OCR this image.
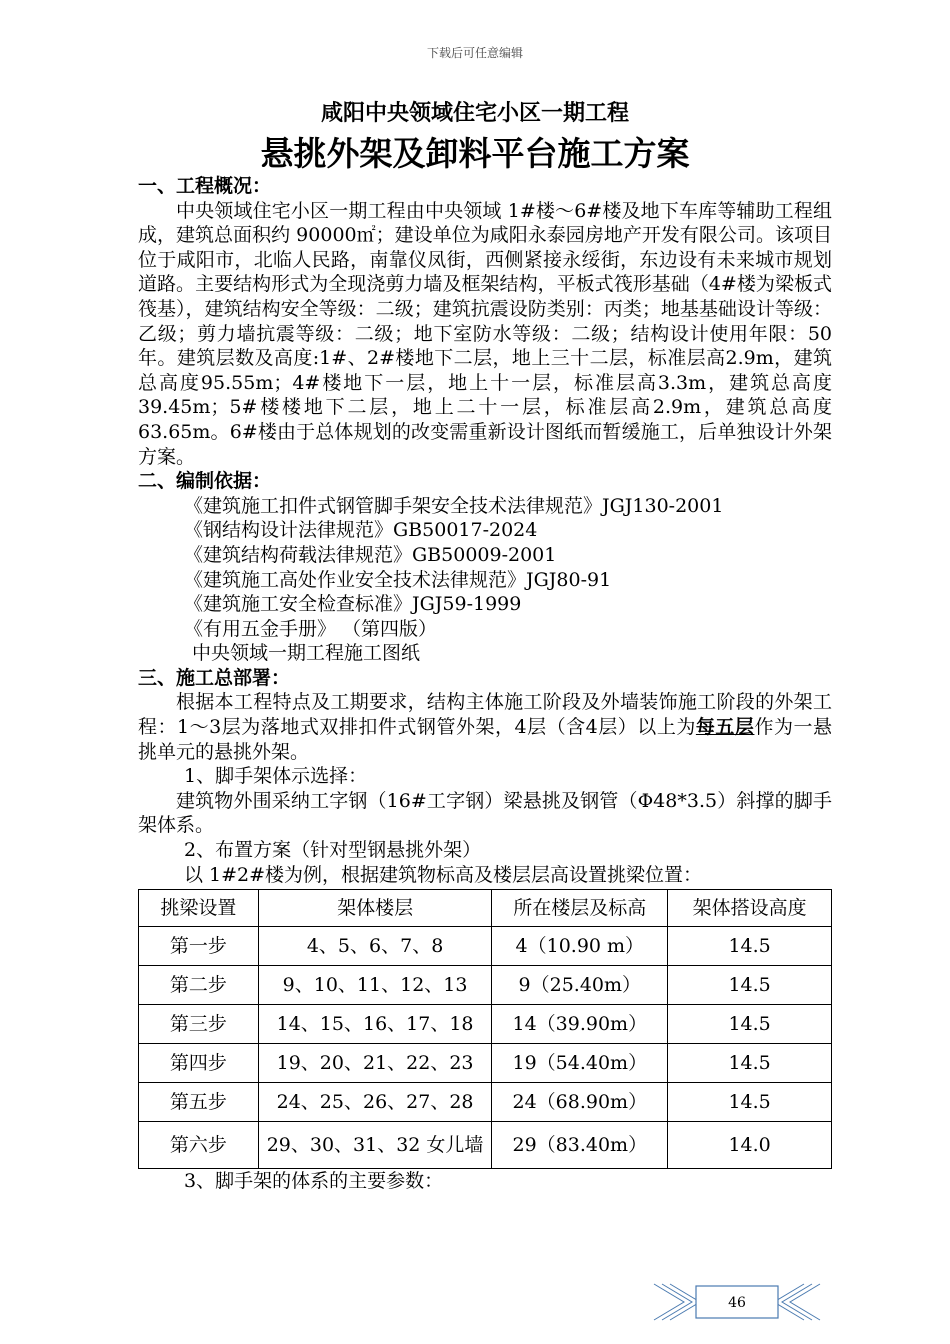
下载后可任意编辑
咸阳中央领域住宅小区一期工程
悬挑外架及卸料平台施工方案

一、工程概况：

中央领域住宅小区一期工程由中央领域 1#楼～6#楼及地下车库等辅助工程组成，建筑总面积约 90000㎡；建设单位为咸阳永泰园房地产开发有限公司。该项目位于咸阳市，北临人民路，南靠仪凤街，西侧紧接永绥街，东边设有未来城市规划道路。主要结构形式为全现浇剪力墙及框架结构，平板式筏形基础（4#楼为梁板式筏基），建筑结构安全等级：二级；建筑抗震设防类别：丙类；地基基础设计等级：乙级；剪力墙抗震等级：二级；地下室防水等级：二级；结构设计使用年限：50年。建筑层数及高度:1#、2#楼地下二层，地上三十二层，标准层高2.9m，建筑总高度95.55m；4#楼地下一层，地上十一层，标准层高3.3m，建筑总高度39.45m；5#楼楼地下二层，地上二十一层，标准层高2.9m，建筑总高度63.65m。6#楼由于总体规划的改变需重新设计图纸而暂缓施工，后单独设计外架方案。

二、编制依据：

《建筑施工扣件式钢管脚手架安全技术法律规范》JGJ130-2001

《钢结构设计法律规范》GB50017-2024

《建筑结构荷载法律规范》GB50009-2001

《建筑施工高处作业安全技术法律规范》JGJ80-91

《建筑施工安全检查标准》JGJ59-1999

《有用五金手册》 （第四版）

中央领域一期工程施工图纸

三、施工总部署：

根据本工程特点及工期要求，结构主体施工阶段及外墙装饰施工阶段的外架工程：1～3层为落地式双排扣件式钢管外架，4层（含4层）以上为每五层作为一悬挑单元的悬挑外架。

1、脚手架体示选择：

建筑物外围采纳工字钢（16#工字钢）梁悬挑及钢管（Φ48*3.5）斜撑的脚手架体系。

2、布置方案（针对型钢悬挑外架）

以 1#2#楼为例，根据建筑物标高及楼层层高设置挑梁位置：

挑梁设置	架体楼层	所在楼层及标高	架体搭设高度
第一步	4、5、6、7、8	4（10.90 m）	14.5
第二步	9、10、11、12、13	9（25.40m）	14.5
第三步	14、15、16、17、18	14（39.90m）	14.5
第四步	19、20、21、22、23	19（54.40m）	14.5
第五步	24、25、26、27、28	24（68.90m）	14.5
第六步	29、30、31、32 女儿墙	29（83.40m）	14.0

3、脚手架的体系的主要参数：

46
